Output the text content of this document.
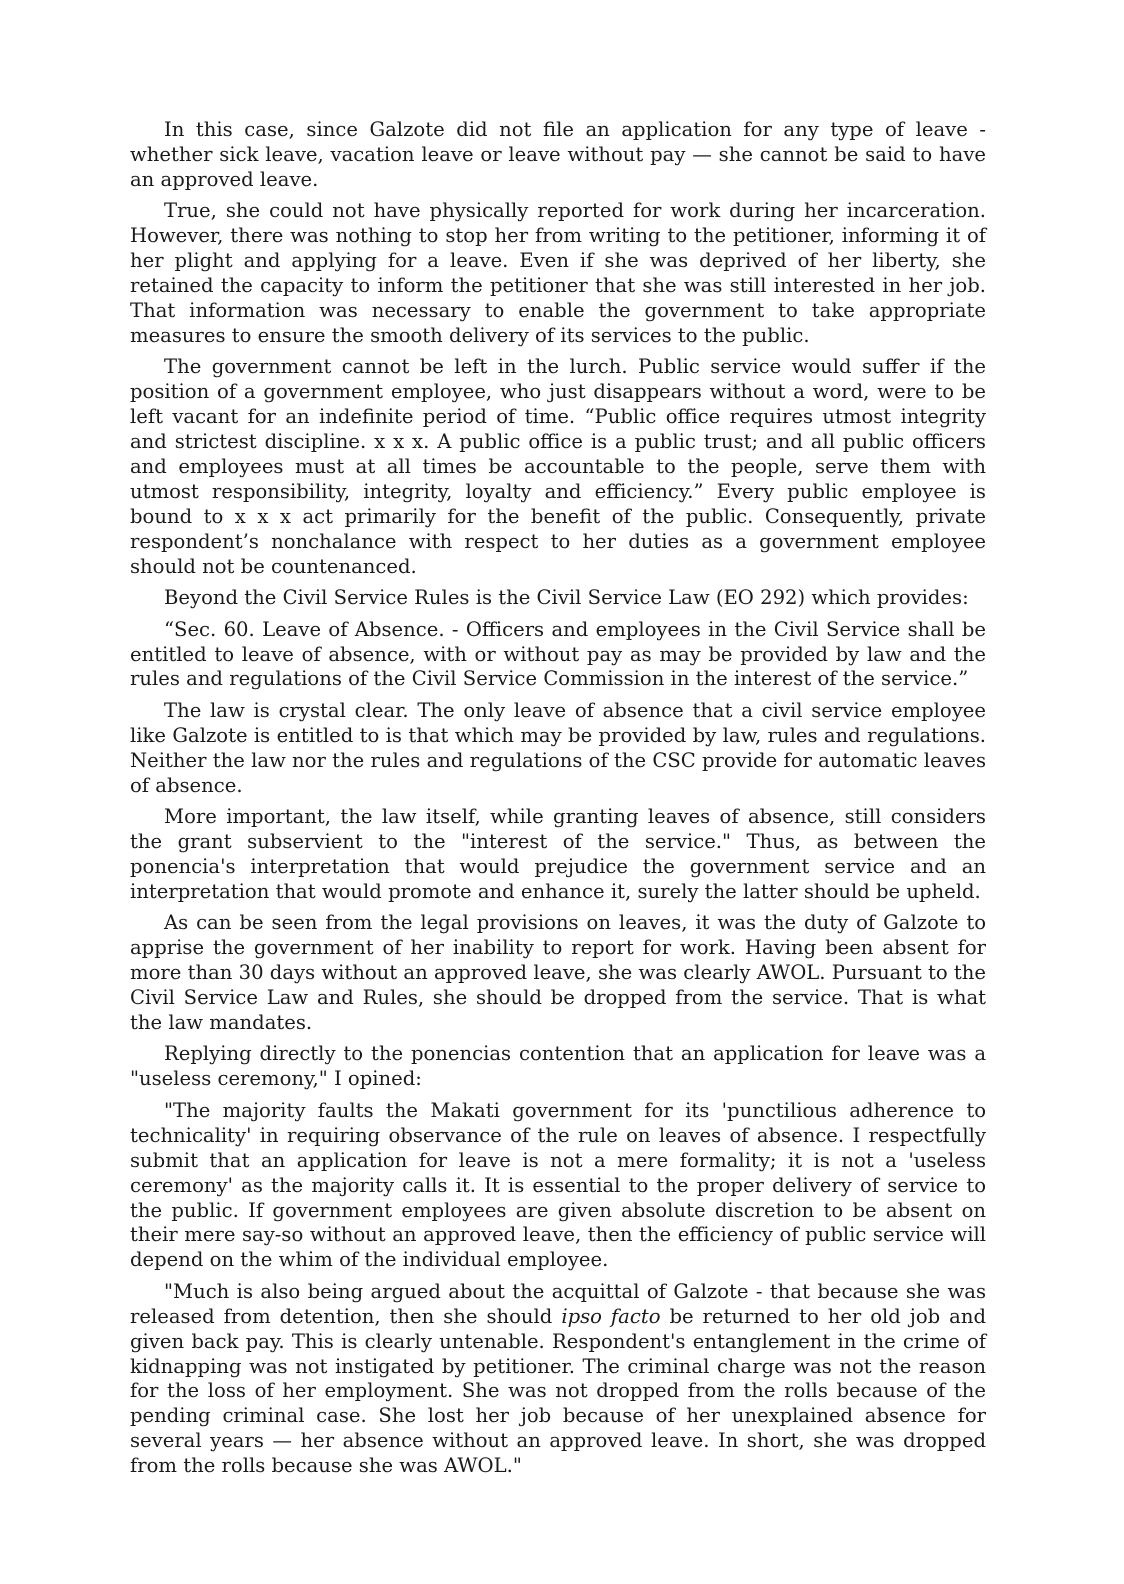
In this case, since Galzote did not file an application for any type of leave - whether sick leave, vacation leave or leave without pay — she cannot be said to have an approved leave.

True, she could not have physically reported for work during her incarceration. However, there was nothing to stop her from writing to the petitioner, informing it of her plight and applying for a leave. Even if she was deprived of her liberty, she retained the capacity to inform the petitioner that she was still interested in her job. That information was necessary to enable the government to take appropriate measures to ensure the smooth delivery of its services to the public.

The government cannot be left in the lurch. Public service would suffer if the position of a government employee, who just disappears without a word, were to be left vacant for an indefinite period of time. “Public office requires utmost integrity and strictest discipline. x x x. A public office is a public trust; and all public officers and employees must at all times be accountable to the people, serve them with utmost responsibility, integrity, loyalty and efficiency.” Every public employee is bound to x x x act primarily for the benefit of the public. Consequently, private respondent’s nonchalance with respect to her duties as a government employee should not be countenanced.

Beyond the Civil Service Rules is the Civil Service Law (EO 292) which provides:

“Sec. 60. Leave of Absence. - Officers and employees in the Civil Service shall be entitled to leave of absence, with or without pay as may be provided by law and the rules and regulations of the Civil Service Commission in the interest of the service.”

The law is crystal clear. The only leave of absence that a civil service employee like Galzote is entitled to is that which may be provided by law, rules and regulations. Neither the law nor the rules and regulations of the CSC provide for automatic leaves of absence.

More important, the law itself, while granting leaves of absence, still considers the grant subservient to the "interest of the service." Thus, as between the ponencia's interpretation that would prejudice the government service and an interpretation that would promote and enhance it, surely the latter should be upheld.

As can be seen from the legal provisions on leaves, it was the duty of Galzote to apprise the government of her inability to report for work. Having been absent for more than 30 days without an approved leave, she was clearly AWOL. Pursuant to the Civil Service Law and Rules, she should be dropped from the service. That is what the law mandates.

Replying directly to the ponencias contention that an application for leave was a "useless ceremony," I opined:

"The majority faults the Makati government for its 'punctilious adherence to technicality' in requiring observance of the rule on leaves of absence. I respectfully submit that an application for leave is not a mere formality; it is not a 'useless ceremony' as the majority calls it. It is essential to the proper delivery of service to the public. If government employees are given absolute discretion to be absent on their mere say-so without an approved leave, then the efficiency of public service will depend on the whim of the individual employee.

"Much is also being argued about the acquittal of Galzote - that because she was released from detention, then she should ipso facto be returned to her old job and given back pay. This is clearly untenable. Respondent's entanglement in the crime of kidnapping was not instigated by petitioner. The criminal charge was not the reason for the loss of her employment. She was not dropped from the rolls because of the pending criminal case. She lost her job because of her unexplained absence for several years — her absence without an approved leave. In short, she was dropped from the rolls because she was AWOL."
